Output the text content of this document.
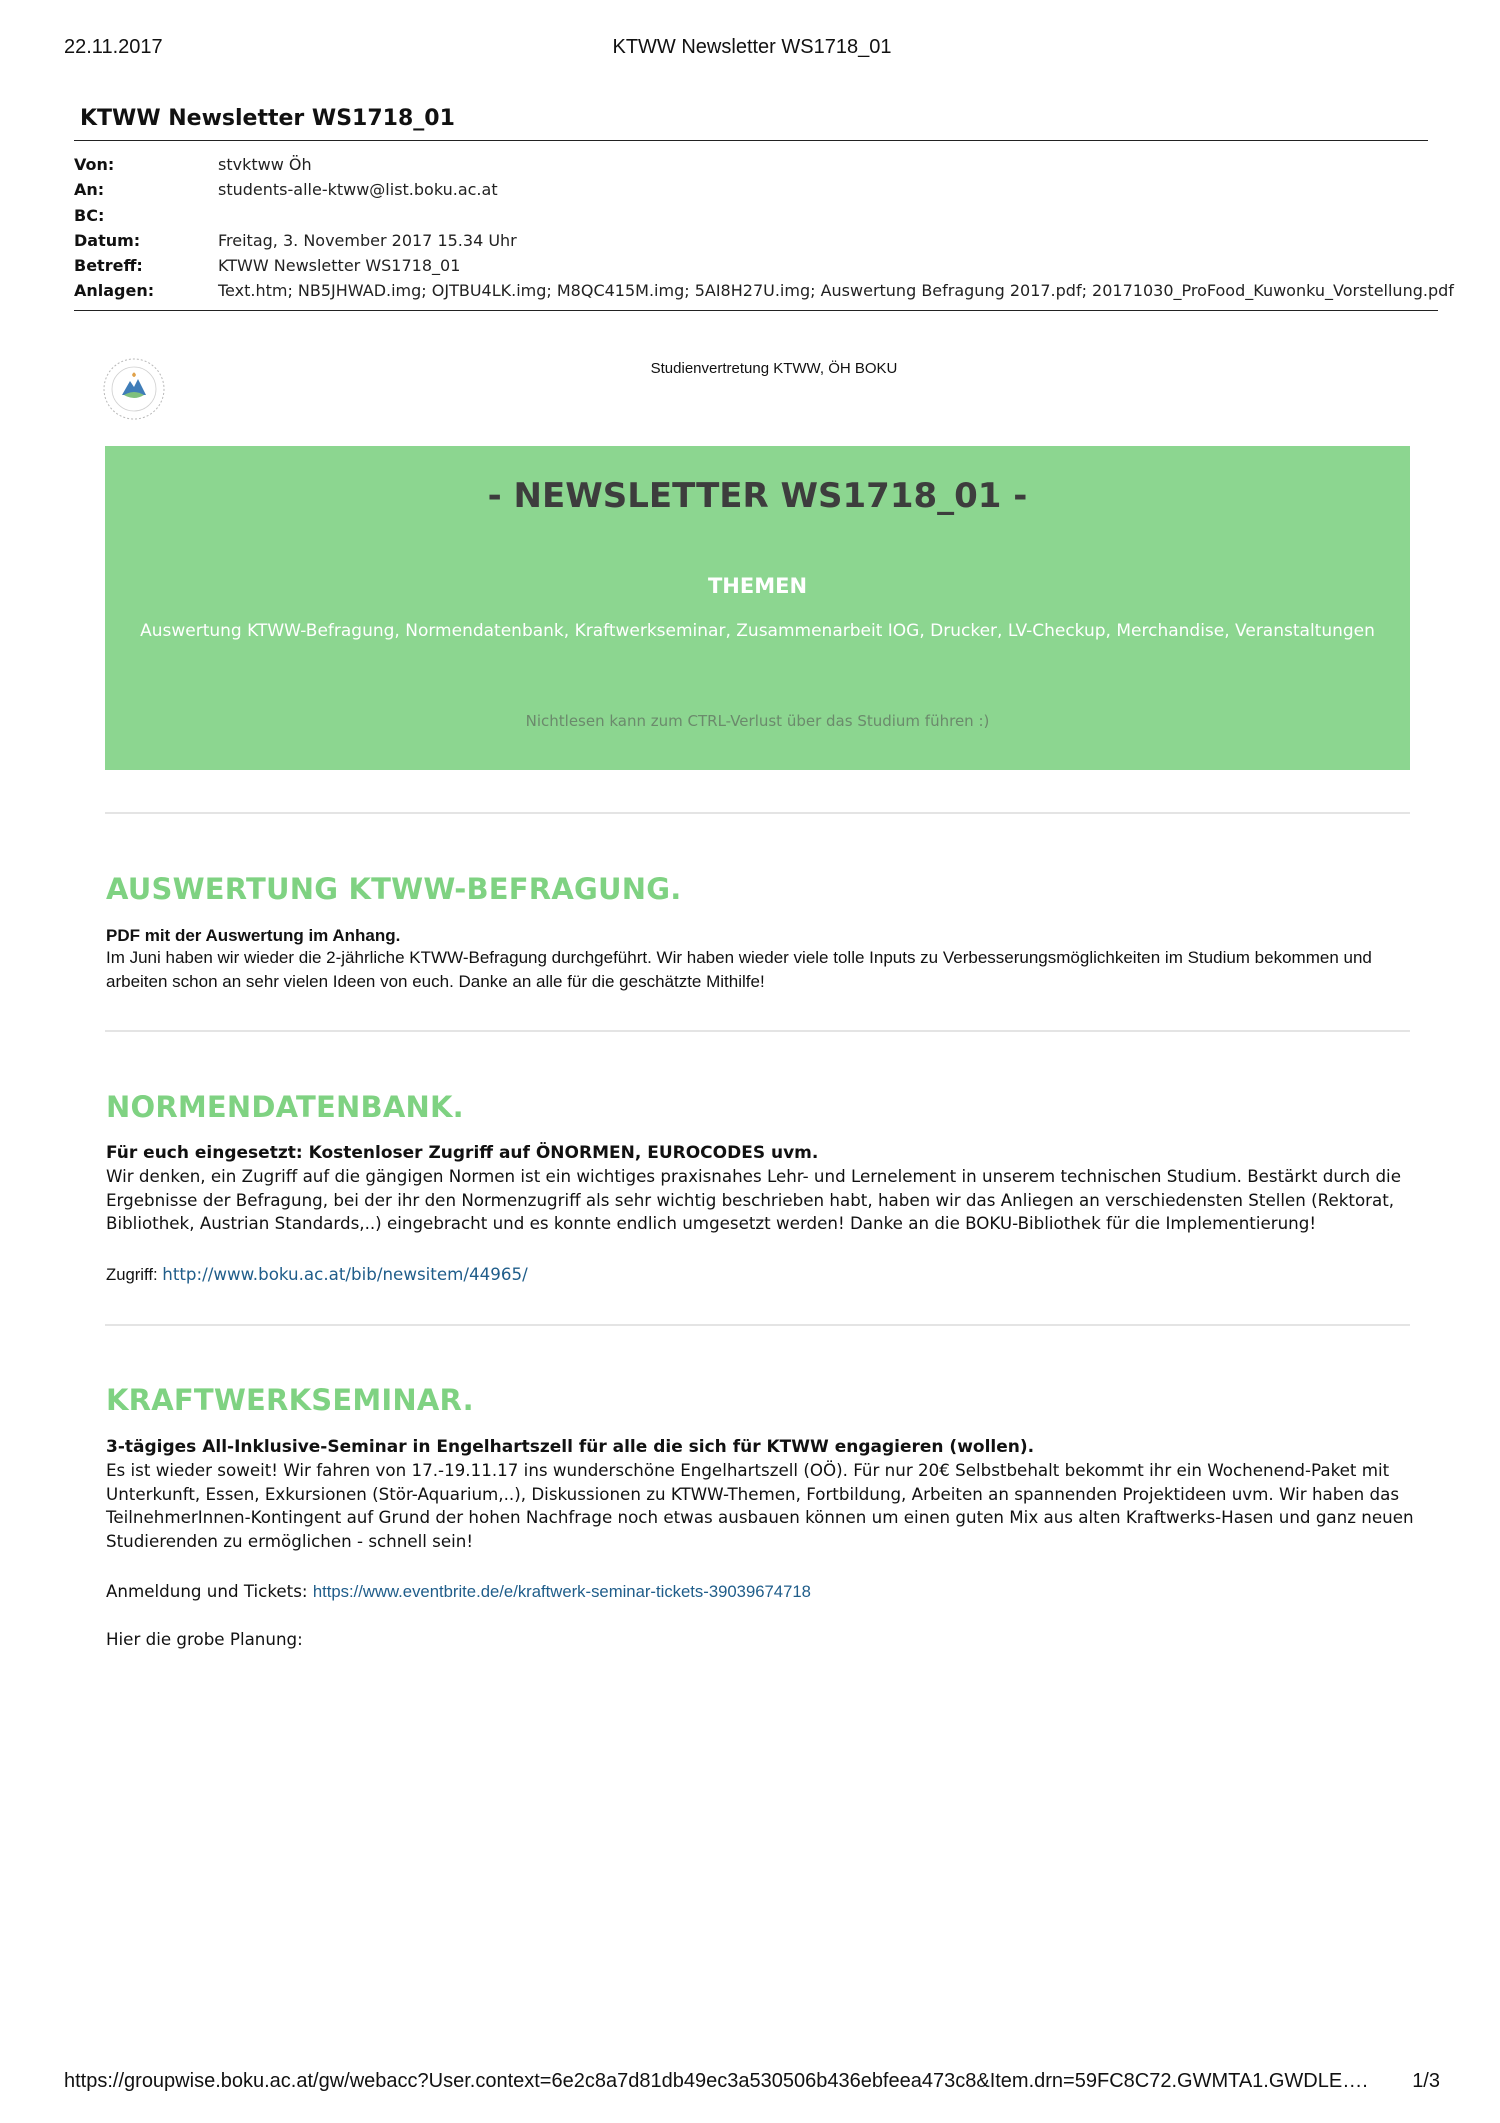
22.11.2017	KTWW Newsletter WS1718_01
KTWW Newsletter WS1718_01
Von:	stvktww Öh
An:	students-alle-ktww@list.boku.ac.at
BC:
Datum:	Freitag, 3. November 2017 15.34 Uhr
Betreff:	KTWW Newsletter WS1718_01
Anlagen:	Text.htm; NB5JHWAD.img; OJTBU4LK.img; M8QC415M.img; 5AI8H27U.img; Auswertung Befragung 2017.pdf; 20171030_ProFood_Kuwonku_Vorstellung.pdf
Studienvertretung KTWW, ÖH BOKU
- NEWSLETTER WS1718_01 -
THEMEN
Auswertung KTWW-Befragung, Normendatenbank, Kraftwerkseminar, Zusammenarbeit IOG, Drucker, LV-Checkup, Merchandise, Veranstaltungen
Nichtlesen kann zum CTRL-Verlust über das Studium führen :)
AUSWERTUNG KTWW-BEFRAGUNG.
PDF mit der Auswertung im Anhang.
Im Juni haben wir wieder die 2-jährliche KTWW-Befragung durchgeführt. Wir haben wieder viele tolle Inputs zu Verbesserungsmöglichkeiten im Studium bekommen und arbeiten schon an sehr vielen Ideen von euch. Danke an alle für die geschätzte Mithilfe!
NORMENDATENBANK.
Für euch eingesetzt: Kostenloser Zugriff auf ÖNORMEN, EUROCODES uvm.
Wir denken, ein Zugriff auf die gängigen Normen ist ein wichtiges praxisnahes Lehr- und Lernelement in unserem technischen Studium. Bestärkt durch die Ergebnisse der Befragung, bei der ihr den Normenzugriff als sehr wichtig beschrieben habt, haben wir das Anliegen an verschiedensten Stellen (Rektorat, Bibliothek, Austrian Standards,..) eingebracht und es konnte endlich umgesetzt werden! Danke an die BOKU-Bibliothek für die Implementierung!
Zugriff: http://www.boku.ac.at/bib/newsitem/44965/
KRAFTWERKSEMINAR.
3-tägiges All-Inklusive-Seminar in Engelhartszell für alle die sich für KTWW engagieren (wollen).
Es ist wieder soweit! Wir fahren von 17.-19.11.17 ins wunderschöne Engelhartszell (OÖ). Für nur 20€ Selbstbehalt bekommt ihr ein Wochenend-Paket mit Unterkunft, Essen, Exkursionen (Stör-Aquarium,..), Diskussionen zu KTWW-Themen, Fortbildung, Arbeiten an spannenden Projektideen uvm. Wir haben das TeilnehmerInnen-Kontingent auf Grund der hohen Nachfrage noch etwas ausbauen können um einen guten Mix aus alten Kraftwerks-Hasen und ganz neuen Studierenden zu ermöglichen - schnell sein!
Anmeldung und Tickets: https://www.eventbrite.de/e/kraftwerk-seminar-tickets-39039674718
Hier die grobe Planung:
https://groupwise.boku.ac.at/gw/webacc?User.context=6e2c8a7d81db49ec3a530506b436ebfeea473c8&Item.drn=59FC8C72.GWMTA1.GWDLE…. 1/3
